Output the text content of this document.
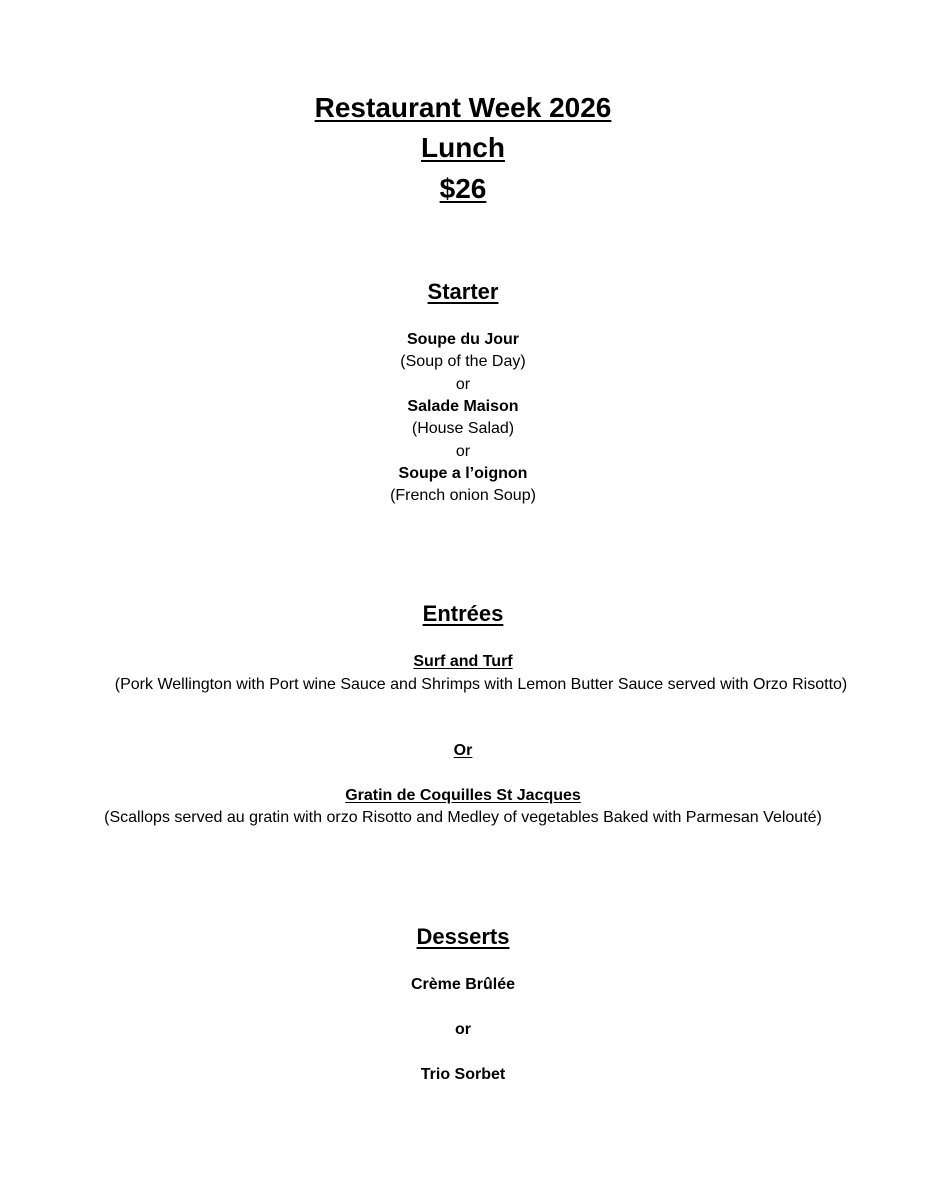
Restaurant Week 2026
Lunch
$26
Starter
Soupe du Jour
(Soup of the Day)
or
Salade Maison
(House Salad)
or
Soupe a l’oignon
(French onion Soup)
Entrées
Surf and Turf
(Pork Wellington with Port wine Sauce and Shrimps with Lemon Butter Sauce served with Orzo Risotto)
Or
Gratin de Coquilles St Jacques
(Scallops served au gratin with orzo Risotto and Medley of vegetables Baked with Parmesan Velouté)
Desserts
Crème Brûlée
or
Trio Sorbet
